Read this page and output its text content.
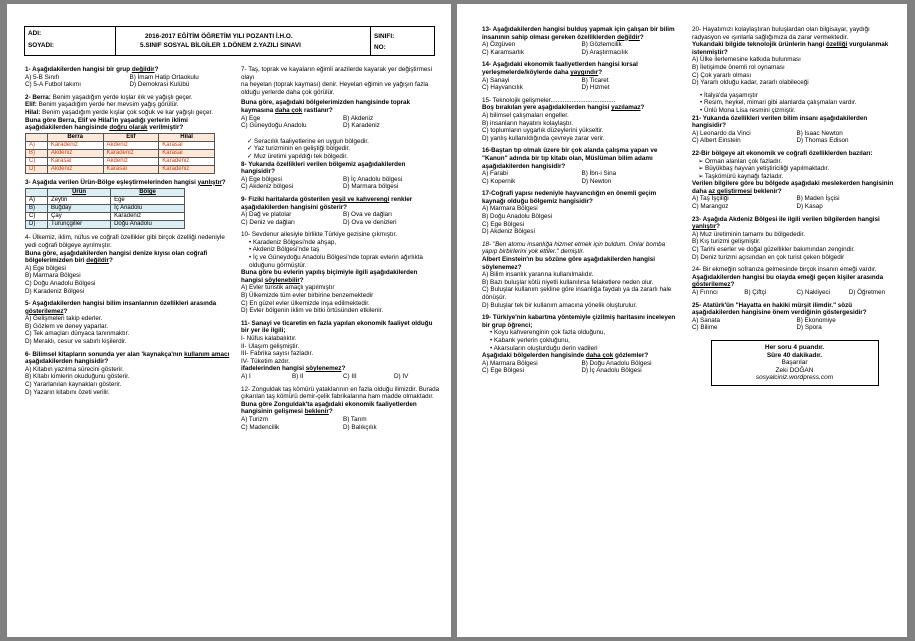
ADI:
SOYADI:
2016-2017 EĞİTİM ÖĞRETİM YILI POZANTI İ.H.O.
5.SINIF SOSYAL BİLGİLER 1.DÖNEM 2.YAZILI SINAVI
SINIFI:
NO:

1- Aşağıdakilerden hangisi bir grup değildir?

A) 5-B Sınıfı	B) İmam Hatip Ortaokulu
C) 5-A Futbol takımı	D) Demokrasi Kulübü

2- Berra: Benim yaşadığım yerde kışlar ılık ve yağışlı geçer.

Elif: Benim yaşadığım yerde her mevsim yağış görülür.

Hilal: Benim yaşadığım yerde kışlar çok soğuk ve kar yağışlı geçer.

Buna göre Berra, Elif ve Hilal'in yaşadığı yerlerin iklimi aşağıdakilerden hangisinde doğru olarak verilmiştir?

	Berra	Elif	Hilal
A)	Karadeniz	Akdeniz	Karasal
B)	Akdeniz	Karadeniz	Karasal
C)	Karasal	Akdeniz	Karadeniz
D)	Akdeniz	Karasal	Karadeniz

3- Aşağıda verilen Ürün-Bölge eşleştirmelerinden hangisi yanlıştır?

	Ürün	Bölge
A)	Zeytin	Ege
B)	Buğday	İç Anadolu
C)	Çay	Karadeniz
D)	Turunçgiller	Doğu Anadolu

4- Ülkemiz, iklim, nüfus ve coğrafi özellikler gibi birçok özelliği nedeniyle yedi coğrafi bölgeye ayrılmıştır.

Buna göre, aşağıdakilerden hangisi denize kıyısı olan coğrafi bölgelerimizden biri değildir?

A) Ege bölgesi
B) Marmara Bölgesi
C) Doğu Anadolu Bölgesi
D) Karadeniz Bölgesi

5- Aşağıdakilerden hangisi bilim insanlarının özellikleri arasında gösterilemez?

A) Gelişmeleri takip ederler.
B) Gözlem ve deney yaparlar.
C) Tek amaçları dünyaca tanınmaktır.
D) Meraklı, cesur ve sabırlı kişilerdir.

6- Bilimsel kitapların sonunda yer alan 'kaynakça'nın kullanım amacı aşağıdakilerden hangisidir?

A) Kitabın yazılma sürecini gösterir.
B) Kitabı kimlerin okuduğunu gösterir.
C) Yararlanılan kaynakları gösterir.
D) Yazarın kitabını özeti verilir.

7- Taş, toprak ve kayaların eğimli arazilerde kayarak yer değiştirmesi olayı

na heyelan (toprak kayması) denir. Heyelan eğimin ve yağışın fazla olduğu yerlerde daha çok görülür.

Buna göre, aşağıdaki bölgelerimizden hangisinde toprak kaymasına daha çok rastlanır?

A) Ege	B) Akdeniz
C) Güneydoğu Anadolu	D) Karadeniz
✓ Seracılık faaliyetlerine en uygun bölgedir.
✓ Yaz turizminin en geliştiği bölgedir.
✓ Muz üretimi yapıldığı tek bölgedir.

8- Yukarıda özellikleri verilen bölgemiz aşağıdakilerden hangisidir?

A) Ege bölgesi	B) İç Anadolu bölgesi
C) Akdeniz bölgesi	D) Marmara bölgesi

9- Fiziki haritalarda gösterilen yeşil ve kahverengi renkler aşağıdakilerden hangisini gösterir?

A) Dağ ve platolar	B) Ova ve dağları
C) Deniz ve dağları	D) Ova ve denizleri

10- Sevdenur ailesiyle birlikte Türkiye gezisine çıkmıştır.

• Karadeniz Bölgesi'nde ahşap,
• Akdeniz Bölgesi'nde taş
• İç ve Güneydoğu Anadolu Bölgesi'nde toprak evlerin ağırlıkta olduğunu görmüştür.

Buna göre bu evlerin yapılış biçimiyle ilgili aşağıdakilerden hangisi söylenebilir?

A) Evler turistik amaçlı yapılmıştır
B) Ülkemizde tüm evler birbirine benzemektedir
C) En güzel evler ülkemizde inşa edilmektedir.
D) Evler bölgenin iklim ve bitki örtüsünden etkilenir.

11- Sanayi ve ticaretin en fazla yapılan ekonomik faaliyet olduğu bir yer ile ilgili;

I- Nüfus kalabalıktır.

II- Ulaşım gelişmiştir.

III- Fabrika sayısı fazladır.

IV- Tüketim azdır.

ifadelerinden hangisi söylenemez?

A) I	B) II	C) III	D) IV

12- Zonguldak taş kömürü yataklarının en fazla olduğu ilimizdir. Burada çıkarılan taş kömürü demir-çelik fabrikalarına ham madde olmaktadır.

Buna göre Zonguldak'ta aşağıdaki ekonomik faaliyetlerden hangisinin gelişmesi beklenir?

A) Turizm	B) Tarım
C) Madencilik	D) Balıkçılık

13- Aşağıdakilerden hangisi bulduş yapmak için çalışan bir bilim insanının sahip olması gereken özelliklerden değildir?

A) Özgüven	B) Gözlemcilik
C) Karamsarlık	D) Araştırmacılık

14- Aşağıdaki ekonomik faaliyetlerden hangisi kırsal yerleşmelerde/köylerde daha yaygındır?

A) Sanayi	B) Ticaret
C) Hayvancılık	D) Hizmet

15- Teknolojik gelişmeler.....................................

Boş bırakılan yere aşağıdakilerden hangisi yazılamaz?

A) bilimsel çalışmaları engeller.
B) insanların hayatını kolaylaştır.
C) toplumların uygarlık düzeylerini yükseltir.
D) yanlış kullanıldığında çevreye zarar verir.

16-Baştan tıp olmak üzere bir çok alanda çalışma yapan ve "Kanun" adında bir tıp kitabı olan, Müslüman bilim adamı aşağıdakilerden hangisidir?

A) Farabi	B) İbn-i Sina
C) Kopernik	D) Newton

17-Coğrafi yapısı nedeniyle hayvancılığın en önemli geçim kaynağı olduğu bölgemiz hangisidir?

A) Marmara Bölgesi
B) Doğu Anadolu Bölgesi
C) Ege Bölgesi
D) Akdeniz Bölgesi

18- "Ben atomu insanlığa hizmet etmek için buldum. Onlar bomba yapıp birbirlerini yok ettiler." demiştir.

Albert Einstein'ın bu sözüne göre aşağıdakilerden hangisi söylenemez?

A) Bilim insanlık yararına kullanılmalıdır.
B) Bazı buluşlar kötü niyetli kullanılırsa felaketlere neden olur.
C) Buluşlar kullanım şekline göre insanlığa faydalı ya da zararlı hale dönüşür.
D) Buluşlar tek bir kullanım amacına yönelik oluşturulur.

19- Türkiye'nin kabartma yöntemiyle çizilmiş haritasını inceleyen bir grup öğrenci;

• Koyu kahverenginin çok fazla olduğunu,
• Kabank yerlerin çokluğunu,
• Akarsuların oluşturduğu derin vadileri

Aşağıdaki bölgelerden hangisinde daha çok gözlemler?

A) Marmara Bölgesi	B) Doğu Anadolu Bölgesi
C) Ege Bölgesi	D) İç Anadolu Bölgesi

20- Hayatımızı kolaylaştıran buluşlardan olan bilgisayar, yaydığı radyasyon ve ışınlarla sağlığımıza da zarar vermektedir.

Yukarıdaki bilgide teknolojik ürünlerin hangi özelliği vurgulanmak istenmiştir?

A) Ülke ilerlemesine katkıda bulunması
B) İletişimde önemli rol oynaması
C) Çok yararlı olması
D) Yararlı olduğu kadar, zararlı olabileceği
• İtalya'da yaşamıştır
• Resim, heykel, mimari gibi alanlarda çalışmaları vardır.
• Ünlü Mona Lisa resmini çizmiştir.

21- Yukarıda özellikleri verilen bilim insanı aşağıdakilerden hangisidir?

A) Leonardo da Vinci	B) Isaac Newton
C) Albert Einstein	D) Thomas Edison

22-Bir bölgeye ait ekonomik ve coğrafi özelliklerden bazıları:

➢ Orman alanları çok fazladır.
➢ Büyükbaş hayvan yetiştiriciliği yapılmaktadır.
➢ Taşkömürü kaynağı fazladır.

Verilen bilgilere göre bu bölgede aşağıdaki meslekerden hangisinin daha az geliştirmesi beklenir?

A) Taş İşçiliği	B) Maden İşçisi
C) Marangoz	D) Kasap

23- Aşağıda Akdeniz Bölgesi ile ilgili verilen bilgilerden hangisi yanlıştır?

A) Muz üretiminin tamamı bu bölgededir.
B) Kış turizmi gelişmiştir.
C) Tarihi eserler ve doğal güzellikler bakımından zengindir.
D) Deniz turizmi açısından en çok turist çeken bölgedir

24- Bir ekmeğin sofranıza gelmesinde birçok insanın emeği vardır.

Aşağıdakilerden hangisi bu olayda emeği geçen kişiler arasında gösterilemez?

A) Fırıncı	B) Çiftçi	C) Nakliyeci	D) Öğretmen

25- Atatürk'ün "Hayatta en hakiki mürşit ilimdir." sözü aşağıdakilerden hangisine önem verdiğinin göstergesidir?

A) Sanata	B) Ekonomiye
C) Bilime	D) Spora

Her soru 4 puandır.

Süre 40 dakikadır.

Başarılar

Zeki DOĞAN

sosyalciniz.wordpress.com
